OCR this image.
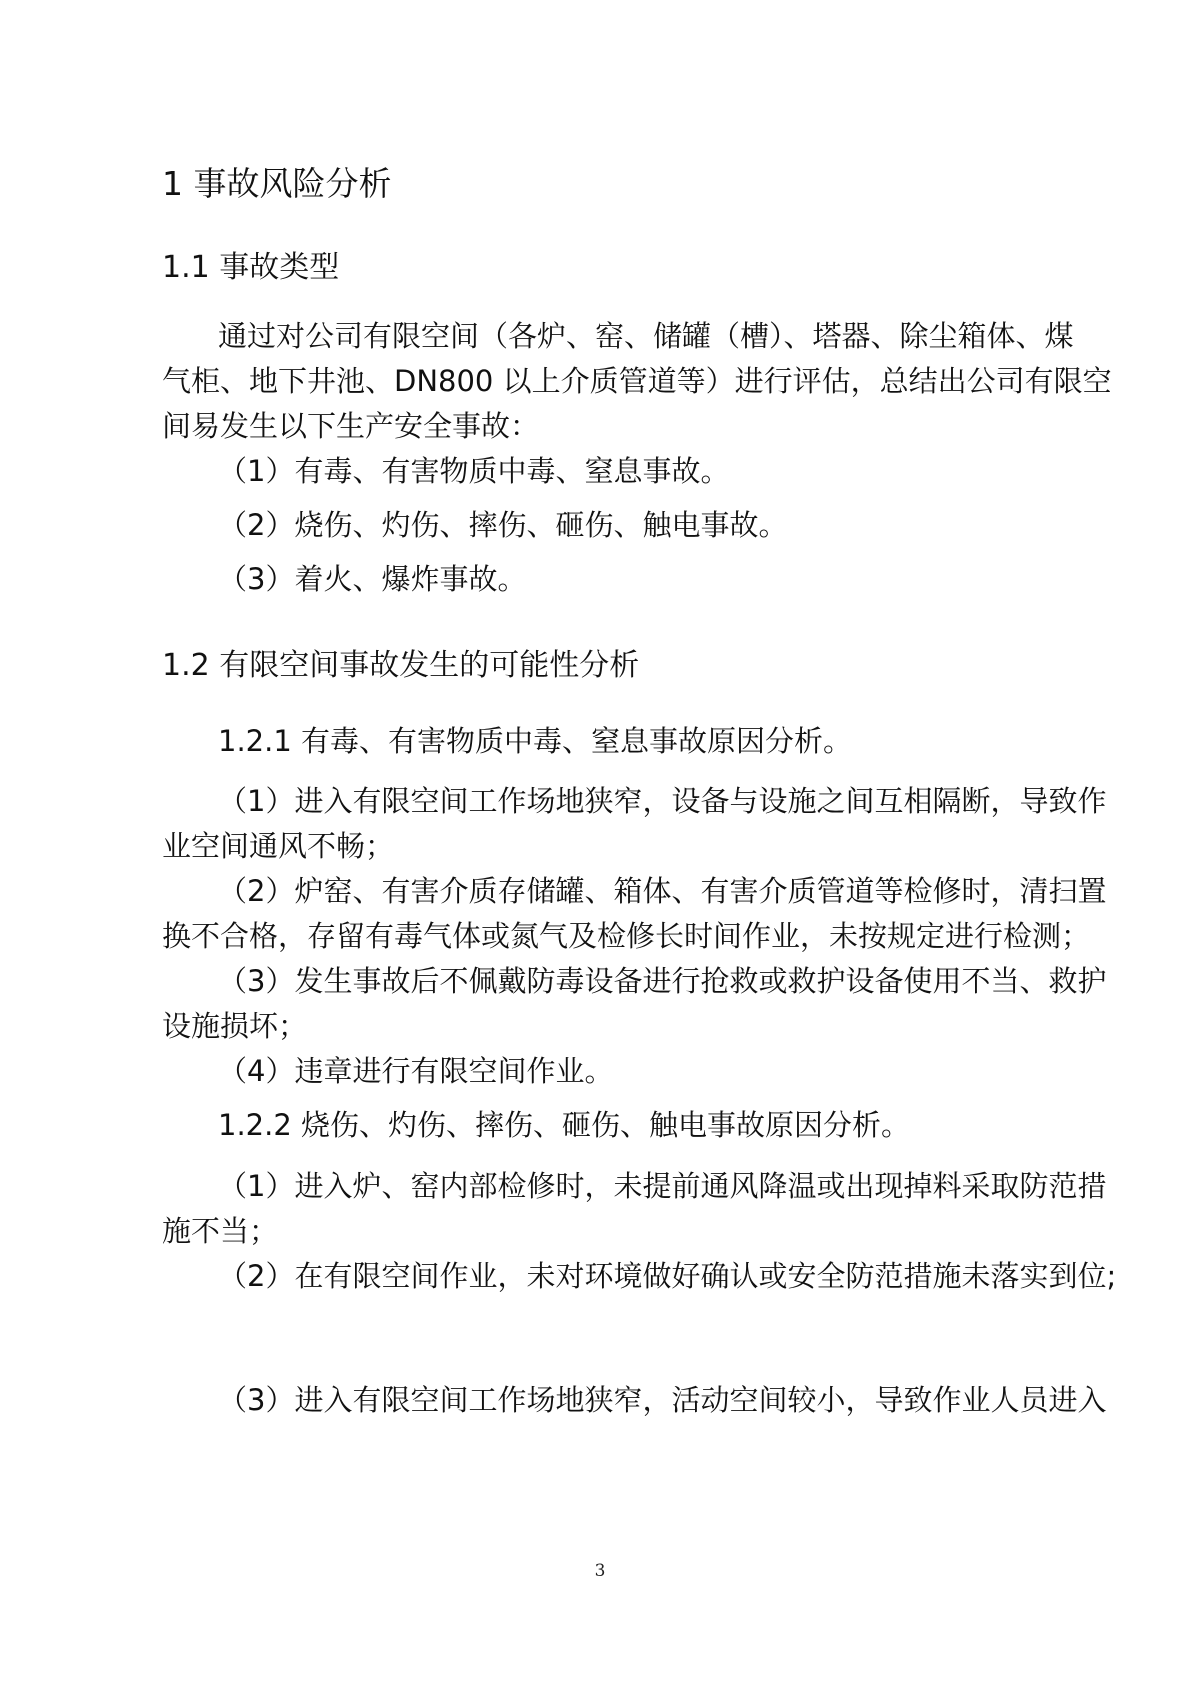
1 事故风险分析
1.1 事故类型
通过对公司有限空间（各炉、窑、储罐（槽）、塔器、除尘箱体、煤
气柜、地下井池、DN800 以上介质管道等）进行评估，总结出公司有限空
间易发生以下生产安全事故：
（1）有毒、有害物质中毒、窒息事故。
（2）烧伤、灼伤、摔伤、砸伤、触电事故。
（3）着火、爆炸事故。
1.2 有限空间事故发生的可能性分析
1.2.1 有毒、有害物质中毒、窒息事故原因分析。
（1）进入有限空间工作场地狭窄，设备与设施之间互相隔断，导致作
业空间通风不畅；
（2）炉窑、有害介质存储罐、箱体、有害介质管道等检修时，清扫置
换不合格，存留有毒气体或氮气及检修长时间作业，未按规定进行检测；
（3）发生事故后不佩戴防毒设备进行抢救或救护设备使用不当、救护
设施损坏；
（4）违章进行有限空间作业。
1.2.2 烧伤、灼伤、摔伤、砸伤、触电事故原因分析。
（1）进入炉、窑内部检修时，未提前通风降温或出现掉料采取防范措
施不当；
（2）在有限空间作业，未对环境做好确认或安全防范措施未落实到位;
（3）进入有限空间工作场地狭窄，活动空间较小，导致作业人员进入
3
